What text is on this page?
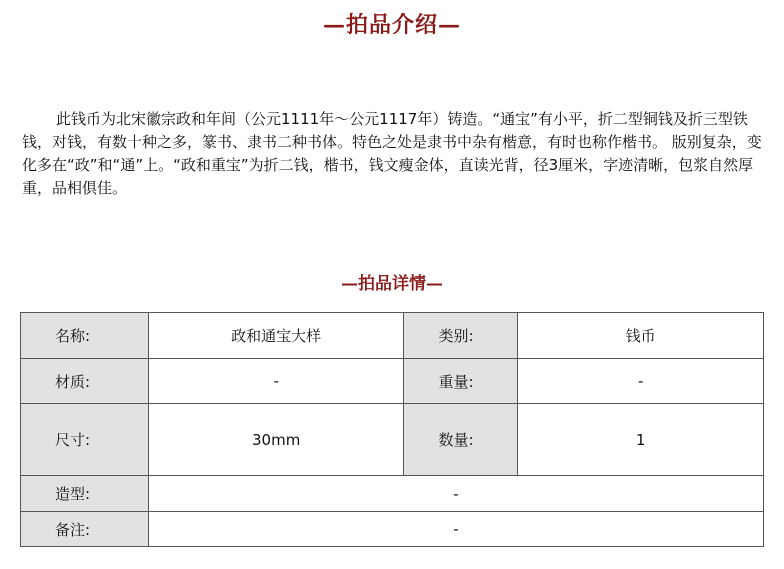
—拍品介绍—

此钱币为北宋徽宗政和年间（公元1111年～公元1117年）铸造。“通宝”有小平，折二型铜钱及折三型铁钱，对钱，有数十种之多，篆书、隶书二种书体。特色之处是隶书中杂有楷意，有时也称作楷书。 版别复杂，变化多在“政”和“通”上。“政和重宝”为折二钱，楷书，钱文瘦金体，直读光背，径3厘米，字迹清晰，包浆自然厚重，品相俱佳。

—拍品详情—
名称:	政和通宝大样	类别:	钱币
材质:	-	重量:	-
尺寸:	30mm	数量:	1
造型:	-		
备注:	-		
